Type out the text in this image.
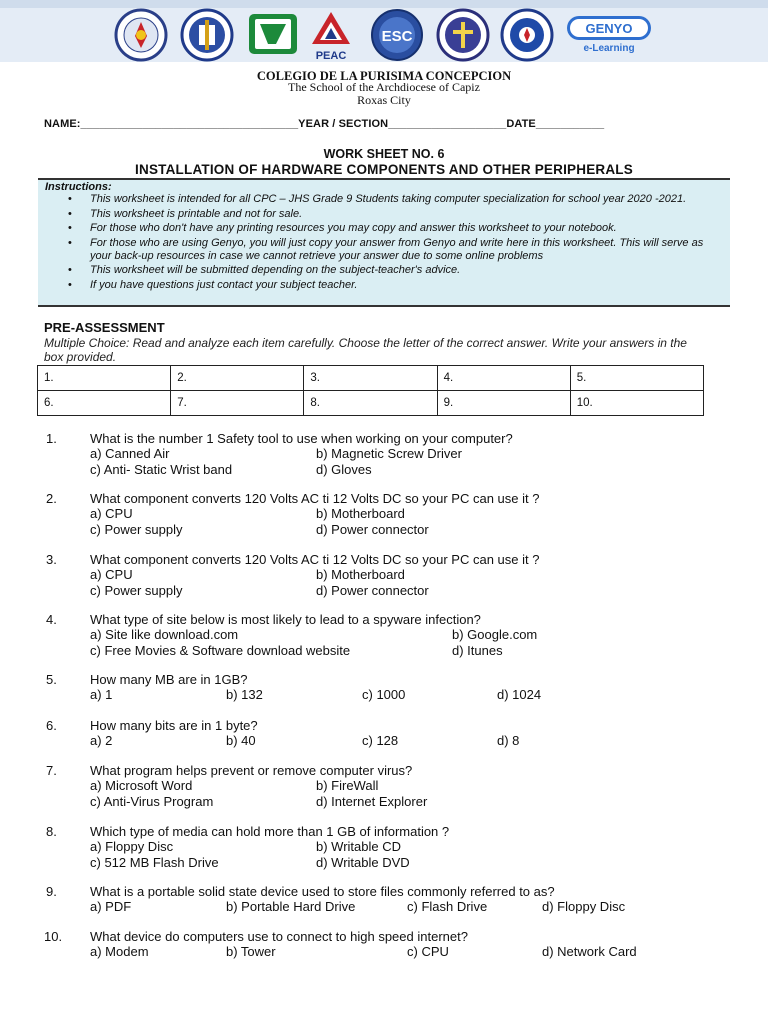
PEAC
ESC	GENYO
e-Learning
COLEGIO DE LA PURISIMA CONCEPCION
The School of the Archdiocese of Capiz
Roxas City
NAME:___________________________________YEAR / SECTION___________________DATE___________
WORK SHEET NO. 6
INSTALLATION OF HARDWARE COMPONENTS AND OTHER PERIPHERALS
Instructions:
• This worksheet is intended for all CPC – JHS Grade 9 Students taking computer specialization for school year 2020 -2021.
• This worksheet is printable and not for sale.
• For those who don't have any printing resources you may copy and answer this worksheet to your notebook.
• For those who are using Genyo, you will just copy your answer from Genyo and write here in this worksheet. This will serve as your back-up resources in case we cannot retrieve your answer due to some online problems
• This worksheet will be submitted depending on the subject-teacher's advice.
• If you have questions just contact your subject teacher.
PRE-ASSESSMENT
Multiple Choice: Read and analyze each item carefully. Choose the letter of the correct answer. Write your answers in the box provided.
1.	2.	3.	4.	5.
6.	7.	8.	9.	10.
1.	What is the number 1 Safety tool to use when working on your computer?
a) Canned Air	b) Magnetic Screw Driver
c) Anti- Static Wrist band	d) Gloves
2.	What component converts 120 Volts AC ti 12 Volts DC so your PC can use it ?
a) CPU	b) Motherboard
c) Power supply	d) Power connector
3.	What component converts 120 Volts AC ti 12 Volts DC so your PC can use it ?
a) CPU	b) Motherboard
c) Power supply	d) Power connector
4.	What type of site below is most likely to lead to a spyware infection?
a) Site like download.com	b) Google.com
c) Free Movies & Software download website	d) Itunes
5.	How many MB are in 1GB?
a) 1	b) 132	c) 1000	d) 1024
6.	How many bits are in 1 byte?
a) 2	b) 40	c) 128	d) 8
7.	What program helps prevent or remove computer virus?
a) Microsoft Word	b) FireWall
c) Anti-Virus Program	d) Internet Explorer
8.	Which type of media can hold more than 1 GB of information ?
a) Floppy Disc	b) Writable CD
c) 512 MB Flash Drive	d) Writable DVD
9.	What is a portable solid state device used to store files commonly referred to as?
a) PDF	b) Portable Hard Drive	c) Flash Drive	d) Floppy Disc
10. What device do computers use to connect to high speed internet?
a) Modem	b) Tower	c) CPU	d) Network Card
